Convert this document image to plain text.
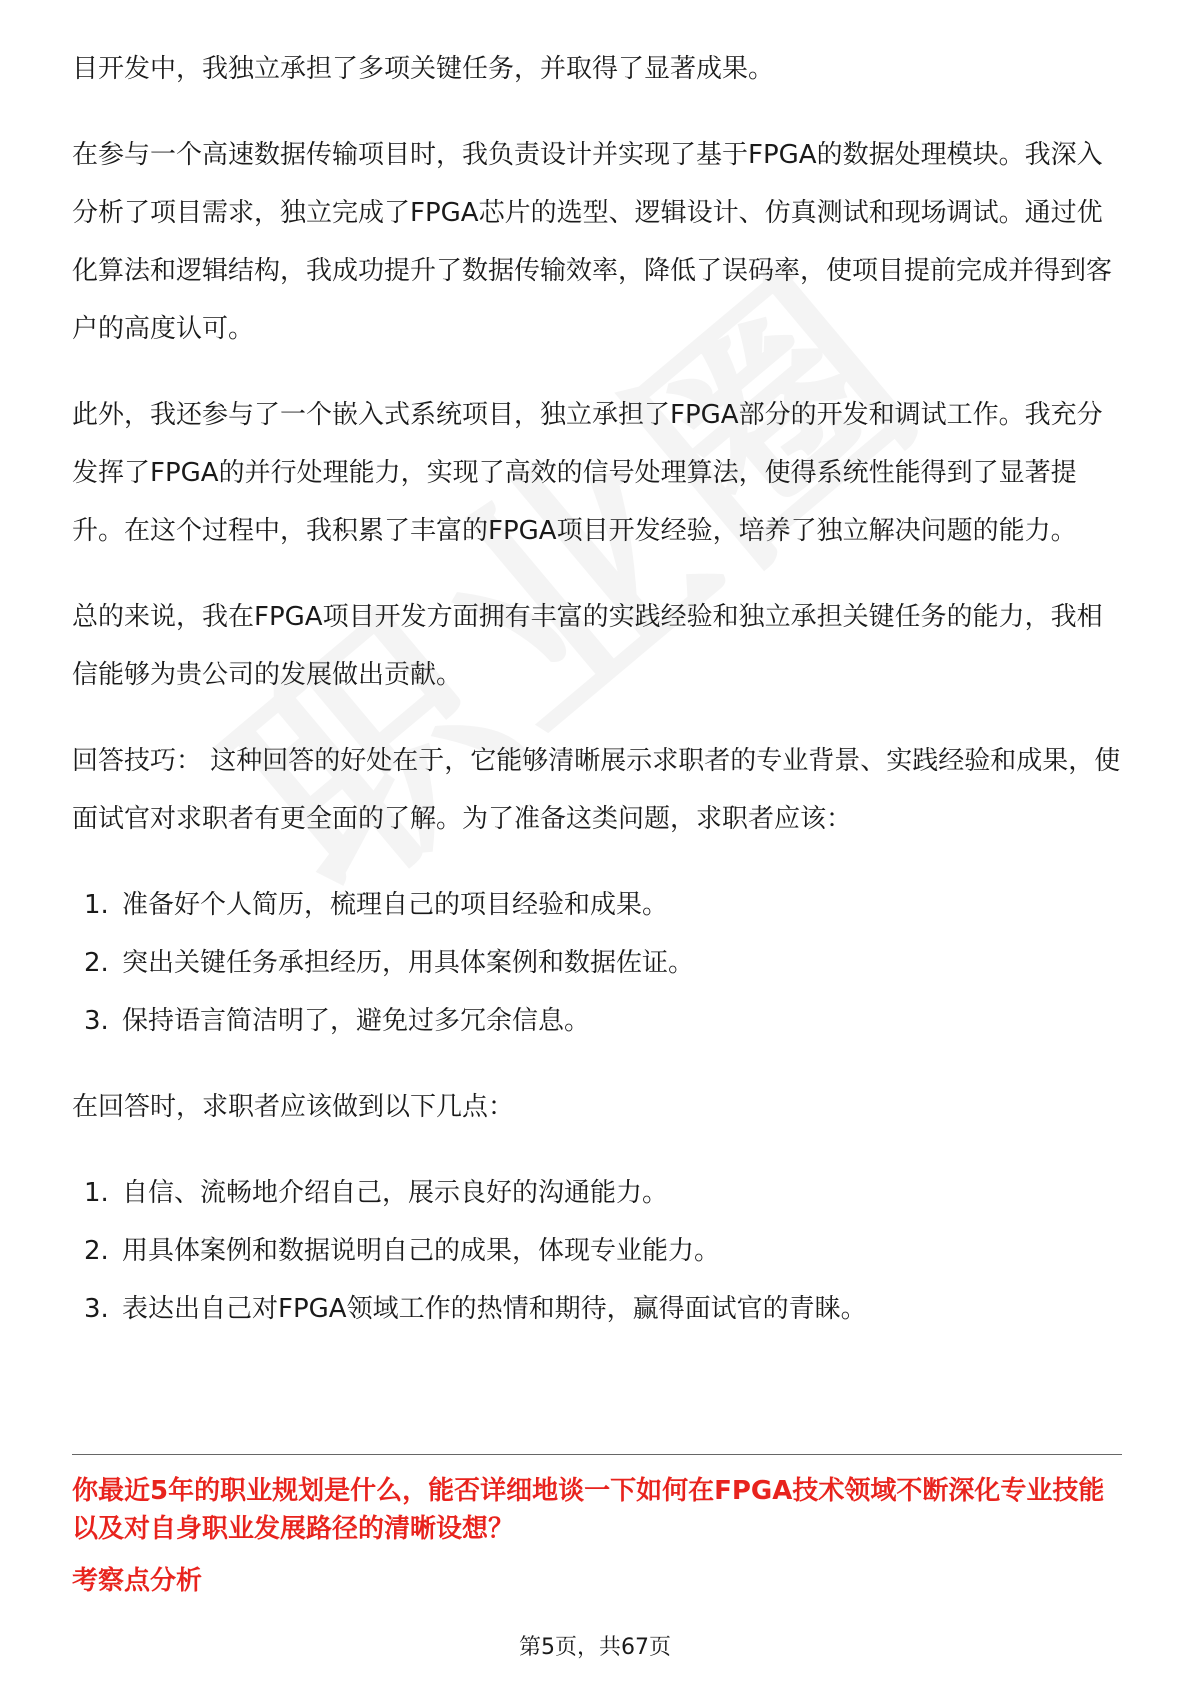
目开发中，我独立承担了多项关键任务，并取得了显著成果。

在参与一个高速数据传输项目时，我负责设计并实现了基于FPGA的数据处理模块。我深入分析了项目需求，独立完成了FPGA芯片的选型、逻辑设计、仿真测试和现场调试。通过优化算法和逻辑结构，我成功提升了数据传输效率，降低了误码率，使项目提前完成并得到客户的高度认可。

此外，我还参与了一个嵌入式系统项目，独立承担了FPGA部分的开发和调试工作。我充分发挥了FPGA的并行处理能力，实现了高效的信号处理算法，使得系统性能得到了显著提升。在这个过程中，我积累了丰富的FPGA项目开发经验，培养了独立解决问题的能力。

总的来说，我在FPGA项目开发方面拥有丰富的实践经验和独立承担关键任务的能力，我相信能够为贵公司的发展做出贡献。

回答技巧： 这种回答的好处在于，它能够清晰展示求职者的专业背景、实践经验和成果，使面试官对求职者有更全面的了解。为了准备这类问题，求职者应该：

1. 准备好个人简历，梳理自己的项目经验和成果。
2. 突出关键任务承担经历，用具体案例和数据佐证。
3. 保持语言简洁明了，避免过多冗余信息。

在回答时，求职者应该做到以下几点：

1. 自信、流畅地介绍自己，展示良好的沟通能力。
2. 用具体案例和数据说明自己的成果，体现专业能力。
3. 表达出自己对FPGA领域工作的热情和期待，赢得面试官的青睐。
你最近5年的职业规划是什么，能否详细地谈一下如何在FPGA技术领域不断深化专业技能以及对自身职业发展路径的清晰设想？
考察点分析
第5页，共67页
